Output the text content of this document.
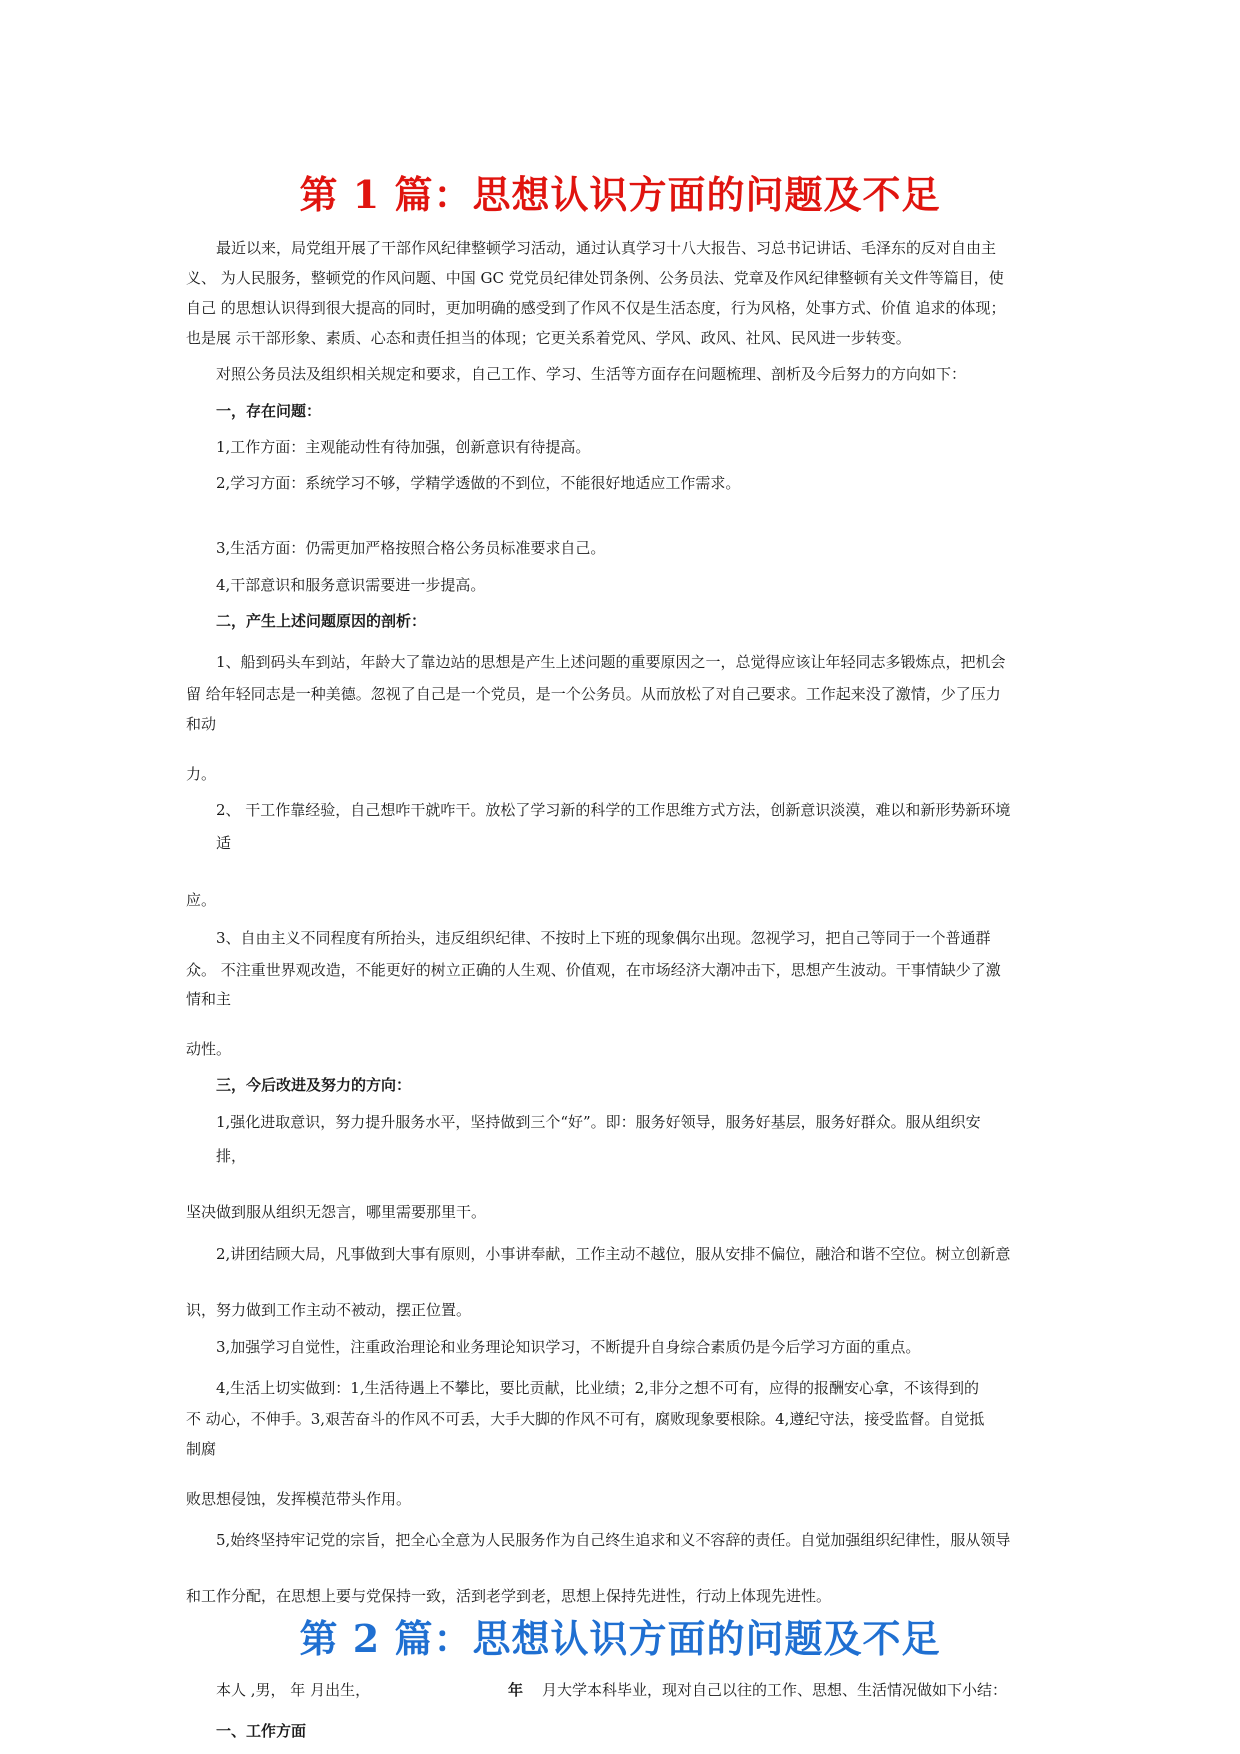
第 1 篇：思想认识方面的问题及不足

最近以来，局党组开展了干部作风纪律整顿学习活动，通过认真学习十八大报告、习总书记讲话、毛泽东的反对自由主

义、 为人民服务，整顿党的作风问题、中国 GC 党党员纪律处罚条例、公务员法、党章及作风纪律整顿有关文件等篇目，使

自己 的思想认识得到很大提高的同时，更加明确的感受到了作风不仅是生活态度，行为风格，处事方式、价值 追求的体现；

也是展 示干部形象、素质、心态和责任担当的体现；它更关系着党风、学风、政风、社风、民风进一步转变。

对照公务员法及组织相关规定和要求，自己工作、学习、生活等方面存在问题梳理、剖析及今后努力的方向如下：

一，存在问题：

1,工作方面：主观能动性有待加强，创新意识有待提高。

2,学习方面：系统学习不够，学精学透做的不到位，不能很好地适应工作需求。

3,生活方面：仍需更加严格按照合格公务员标准要求自己。

4,干部意识和服务意识需要进一步提高。

二，产生上述问题原因的剖析：

1、船到码头车到站，年龄大了靠边站的思想是产生上述问题的重要原因之一，总觉得应该让年轻同志多锻炼点，把机会

留 给年轻同志是一种美德。忽视了自己是一个党员，是一个公务员。从而放松了对自己要求。工作起来没了激情，少了压力

和动

力。

2、 干工作靠经验，自己想咋干就咋干。放松了学习新的科学的工作思维方式方法，创新意识淡漠，难以和新形势新环境

适

应。

3、自由主义不同程度有所抬头，违反组织纪律、不按时上下班的现象偶尔出现。忽视学习，把自己等同于一个普通群

众。 不注重世界观改造，不能更好的树立正确的人生观、价值观，在市场经济大潮冲击下，思想产生波动。干事情缺少了激

情和主

动性。

三，今后改进及努力的方向：

1,强化进取意识，努力提升服务水平，坚持做到三个“好”。即：服务好领导，服务好基层，服务好群众。服从组织安

排，

坚决做到服从组织无怨言，哪里需要那里干。

2,讲团结顾大局，凡事做到大事有原则，小事讲奉献，工作主动不越位，服从安排不偏位，融洽和谐不空位。树立创新意

识，努力做到工作主动不被动，摆正位置。

3,加强学习自觉性，注重政治理论和业务理论知识学习，不断提升自身综合素质仍是今后学习方面的重点。

4,生活上切实做到：1,生活待遇上不攀比，要比贡献，比业绩；2,非分之想不可有，应得的报酬安心拿，不该得到的

不 动心，不伸手。3,艰苦奋斗的作风不可丢，大手大脚的作风不可有，腐败现象要根除。4,遵纪守法，接受监督。自觉抵

制腐

败思想侵蚀，发挥模范带头作用。

5,始终坚持牢记党的宗旨，把全心全意为人民服务作为自己终生追求和义不容辞的责任。自觉加强组织纪律性，服从领导

和工作分配，在思想上要与党保持一致，活到老学到老，思想上保持先进性，行动上体现先进性。

第 2 篇：思想认识方面的问题及不足

本人 ,男， 年 月出生，	年 月大学本科毕业，现对自己以往的工作、思想、生活情况做如下小结：

一、工作方面
